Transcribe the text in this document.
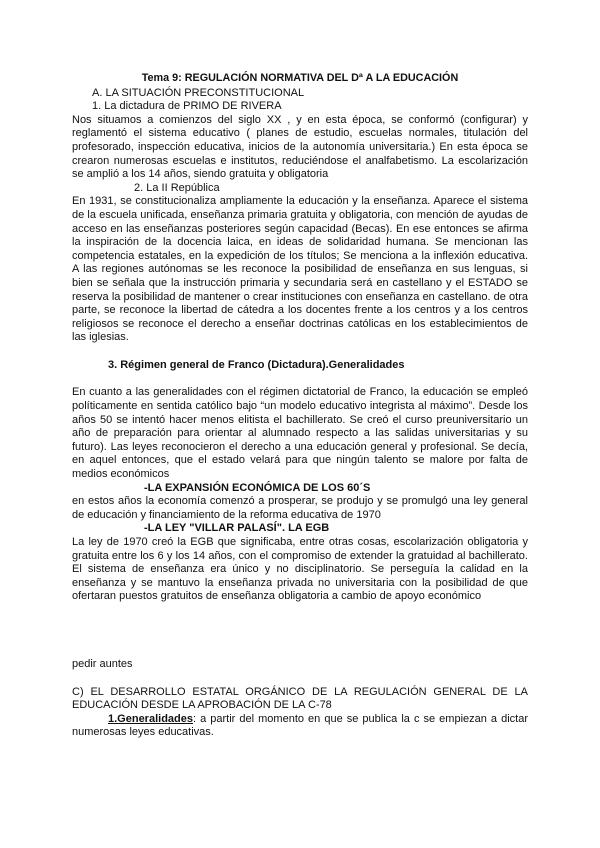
Tema 9: REGULACIÓN NORMATIVA DEL Dª A LA EDUCACIÓN

A. LA SITUACIÓN PRECONSTITUCIONAL

1. La dictadura de PRIMO DE RIVERA

Nos situamos a comienzos del siglo XX , y en esta época, se conformó (configurar) y reglamentó el sistema educativo ( planes de estudio, escuelas normales, titulación del profesorado, inspección educativa, inicios de la autonomía universitaria.) En esta época se crearon numerosas escuelas e institutos, reduciéndose el analfabetismo. La escolarización se amplió a los 14 años, siendo gratuita y obligatoria

2. La II República

En 1931, se constitucionaliza ampliamente la educación y la enseñanza. Aparece el sistema de la escuela unificada, enseñanza primaria gratuita y obligatoria, con mención de ayudas de acceso en las enseñanzas posteriores según capacidad (Becas). En ese entonces se afirma la inspiración de la docencia laica, en ideas de solidaridad humana. Se mencionan las competencia estatales, en la expedición de los títulos; Se menciona a la inflexión educativa. A las regiones autónomas se les reconoce la posibilidad de enseñanza en sus lenguas, si bien se señala que la instrucción primaria y secundaria será en castellano y el ESTADO se reserva la posibilidad de mantener o crear instituciones con enseñanza en castellano. de otra parte, se reconoce la libertad de cátedra a los docentes frente a los centros y a los centros religiosos se reconoce el derecho a enseñar doctrinas católicas en los establecimientos de las iglesias.

3. Régimen general de Franco (Dictadura).Generalidades

En cuanto a las generalidades con el régimen dictatorial de Franco, la educación se empleó políticamente en sentida católico bajo “un modelo educativo integrista al máximo”. Desde los años 50 se intentó hacer menos elitista el bachillerato. Se creó el curso preuniversitario un año de preparación para orientar al alumnado respecto a las salidas universitarias y su futuro). Las leyes reconocieron el derecho a una educación general y profesional. Se decía, en aquel entonces, que el estado velará para que ningún talento se malore por falta de medios económicos

-LA EXPANSIÓN ECONÓMICA DE LOS 60´S

en estos años la economía comenzó a prosperar, se produjo y se promulgó una ley general de educación y financiamiento de la reforma educativa de 1970

-LA LEY "VILLAR PALASÍ". LA EGB

La ley de 1970 creó la EGB que significaba, entre otras cosas, escolarización obligatoria y gratuita entre los 6 y los 14 años, con el compromiso de extender la gratuidad al bachillerato. El sistema de enseñanza era único y no disciplinatorio. Se perseguía la calidad en la enseñanza y se mantuvo la enseñanza privada no universitaria con la posibilidad de que ofertaran puestos gratuitos de enseñanza obligatoria a cambio de apoyo económico

pedir auntes

C) EL DESARROLLO ESTATAL ORGÁNICO DE LA REGULACIÓN GENERAL DE LA EDUCACIÓN DESDE LA APROBACIÓN DE LA C-78

1.Generalidades: a partir del momento en que se publica la c se empiezan a dictar numerosas leyes educativas.
